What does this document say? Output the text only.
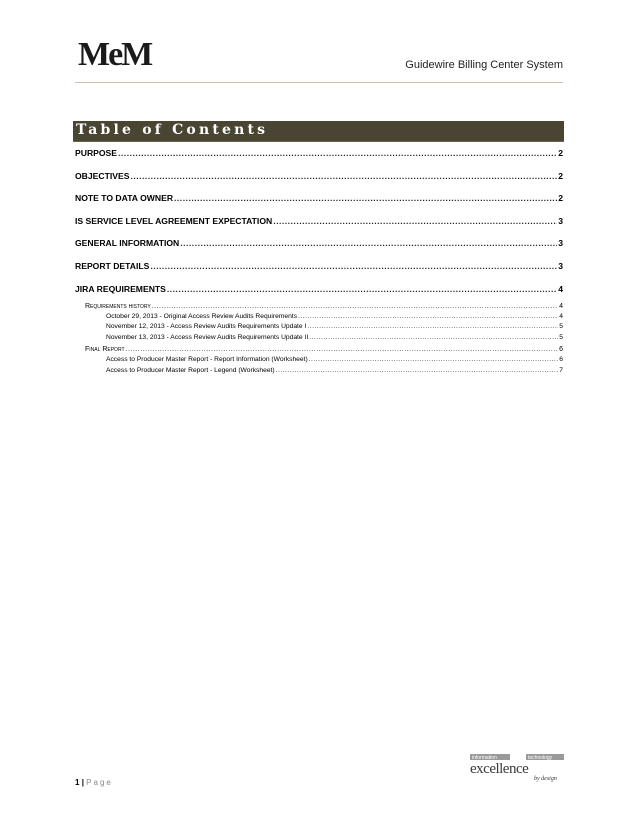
MeM	Guidewire Billing Center System
Table of Contents
PURPOSE .....	2
OBJECTIVES .....	2
NOTE TO DATA OWNER .....	2
IS SERVICE LEVEL AGREEMENT EXPECTATION .....	3
GENERAL INFORMATION .....	3
REPORT DETAILS .....	3
JIRA REQUIREMENTS .....	4
Requirements history .....	4
October 29, 2013 - Original Access Review Audits Requirements .....	4
November 12, 2013 - Access Review Audits Requirements Update I .....	5
November 13, 2013 - Access Review Audits Requirements Update II .....	5
Final Report .....	6
Access to Producer Master Report - Report Information (Worksheet) .....	6
Access to Producer Master Report - Legend (Worksheet) .....	7
1 | Page
information	technology
excellence
by design
